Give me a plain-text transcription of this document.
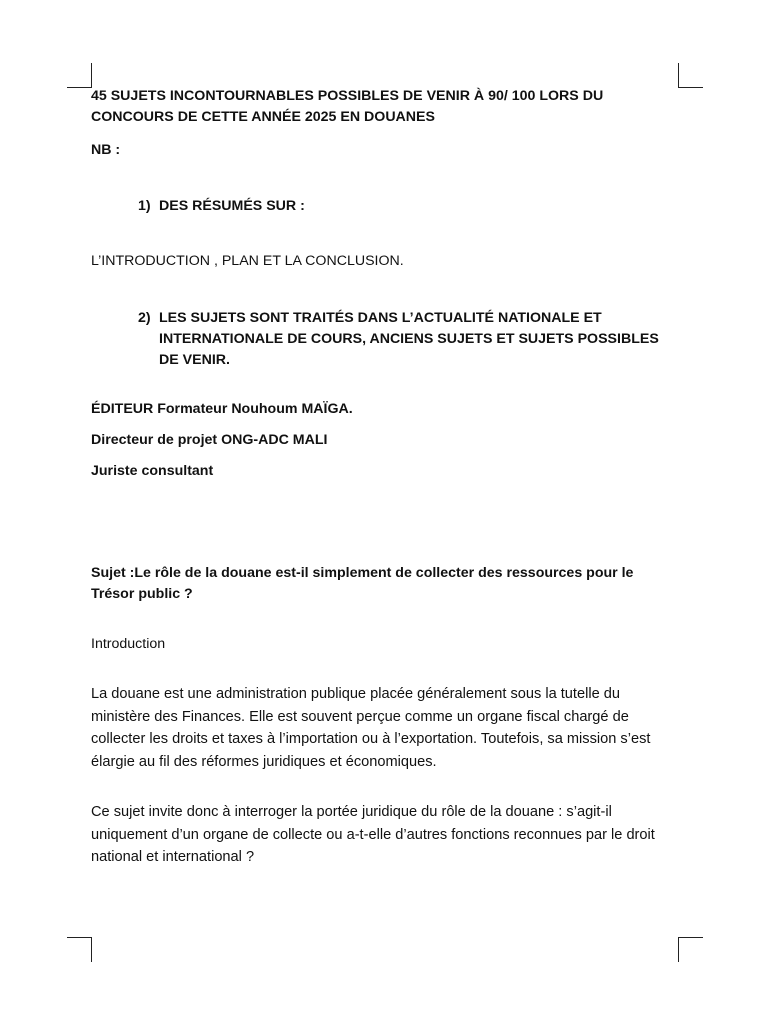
45 SUJETS INCONTOURNABLES POSSIBLES DE VENIR À 90/ 100 LORS DU CONCOURS DE CETTE ANNÉE 2025 EN DOUANES

NB :

1) DES RÉSUMÉS SUR :

L’INTRODUCTION , PLAN ET LA CONCLUSION.

2) LES SUJETS SONT TRAITÉS DANS L’ACTUALITÉ NATIONALE ET INTERNATIONALE DE COURS, ANCIENS SUJETS ET SUJETS POSSIBLES DE VENIR.

ÉDITEUR Formateur Nouhoum MAÏGA.

Directeur de projet ONG-ADC MALI

Juriste consultant

Sujet :Le rôle de la douane est-il simplement de collecter des ressources pour le Trésor public ?

Introduction

La douane est une administration publique placée généralement sous la tutelle du ministère des Finances. Elle est souvent perçue comme un organe fiscal chargé de collecter les droits et taxes à l’importation ou à l’exportation. Toutefois, sa mission s’est élargie au fil des réformes juridiques et économiques.

Ce sujet invite donc à interroger la portée juridique du rôle de la douane : s’agit-il uniquement d’un organe de collecte ou a-t-elle d’autres fonctions reconnues par le droit national et international ?
